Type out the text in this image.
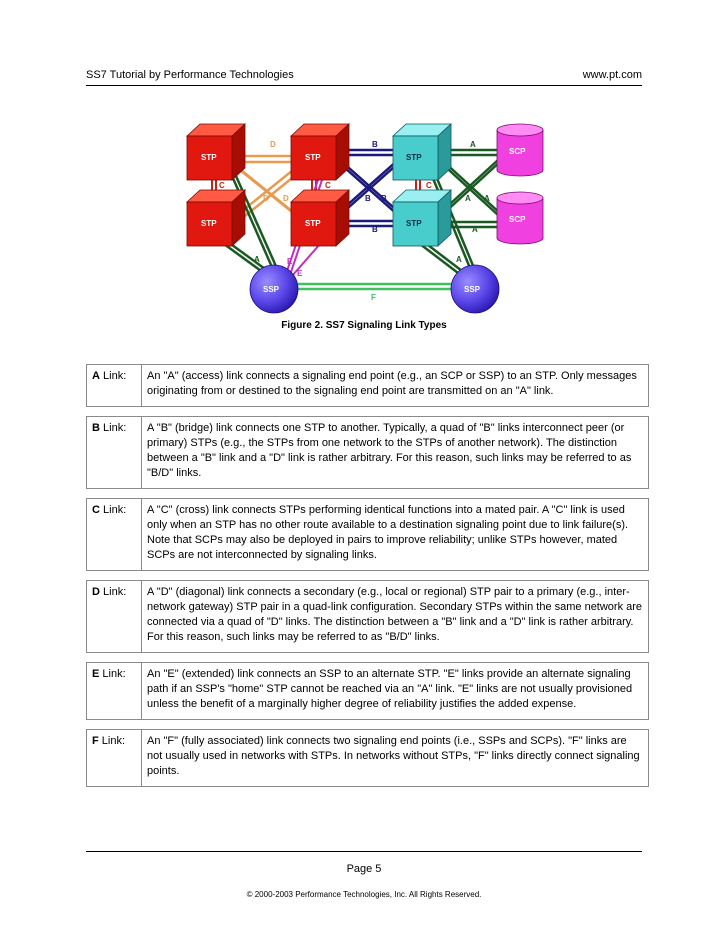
SS7 Tutorial by Performance Technologies	www.pt.com
STP	STP	STP
STP	STP	STP
SCP
SCP
SSP	SSP
D	B	A
C	C	C
D D	B B	A A
B	A
A	E
E
A
F
Figure 2. SS7 Signaling Link Types

A Link:	An "A" (access) link connects a signaling end point (e.g., an SCP or SSP) to an STP. Only messages originating from or destined to the signaling end point are transmitted on an "A" link.

B Link:	A "B" (bridge) link connects one STP to another. Typically, a quad of "B" links interconnect peer (or primary) STPs (e.g., the STPs from one network to the STPs of another network). The distinction between a "B" link and a "D" link is rather arbitrary. For this reason, such links may be referred to as "B/D" links.

C Link:	A "C" (cross) link connects STPs performing identical functions into a mated pair. A "C" link is used only when an STP has no other route available to a destination signaling point due to link failure(s). Note that SCPs may also be deployed in pairs to improve reliability; unlike STPs however, mated SCPs are not interconnected by signaling links.

D Link:	A "D" (diagonal) link connects a secondary (e.g., local or regional) STP pair to a primary (e.g., inter-network gateway) STP pair in a quad-link configuration. Secondary STPs within the same network are connected via a quad of "D" links. The distinction between a "B" link and a "D" link is rather arbitrary. For this reason, such links may be referred to as "B/D" links.

E Link:	An "E" (extended) link connects an SSP to an alternate STP. "E" links provide an alternate signaling path if an SSP's "home" STP cannot be reached via an "A" link. "E" links are not usually provisioned unless the benefit of a marginally higher degree of reliability justifies the added expense.

F Link:	An "F" (fully associated) link connects two signaling end points (i.e., SSPs and SCPs). "F" links are not usually used in networks with STPs. In networks without STPs, "F" links directly connect signaling points.
Page 5
© 2000-2003 Performance Technologies, Inc. All Rights Reserved.
